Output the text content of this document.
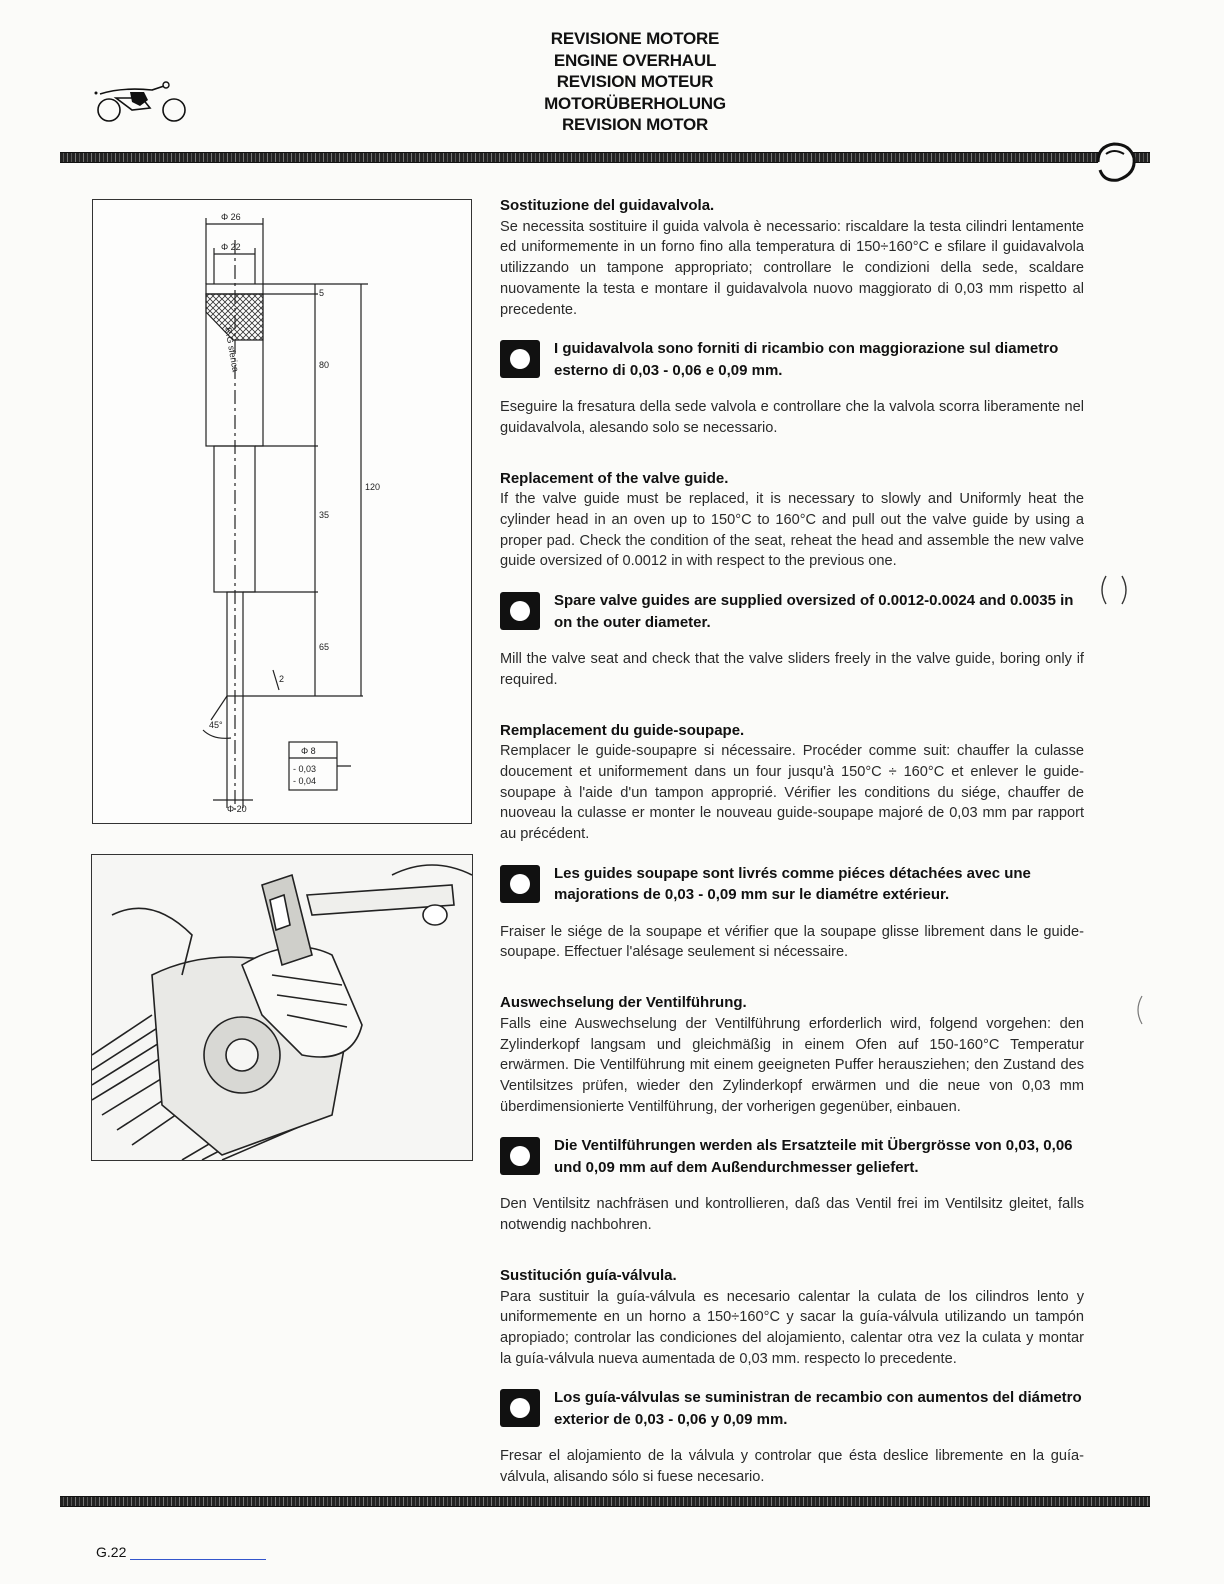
REVISIONE MOTORE
ENGINE OVERHAUL
REVISION MOTEUR
MOTORÜBERHOLUNG
REVISION MOTOR
Φ 26
Φ 22
5
80
120
35
65
2
45°
Φ 20
R.G sferica
Φ 8
- 0,03
- 0,04

Sostituzione del guidavalvola.

Se necessita sostituire il guida valvola è necessario: riscaldare la testa cilindri lentamente ed uniformemente in un forno fino alla temperatura di 150÷160°C e sfilare il guidavalvola utilizzando un tampone appropriato; controllare le condizioni della sede, scaldare nuovamente la testa e montare il guidavalvola nuovo maggiorato di 0,03 mm rispetto al precedente.

I guidavalvola sono forniti di ricambio con maggiorazione sul diametro esterno di 0,03 - 0,06 e 0,09 mm.

Eseguire la fresatura della sede valvola e controllare che la valvola scorra liberamente nel guidavalvola, alesando solo se necessario.

Replacement of the valve guide.

If the valve guide must be replaced, it is necessary to slowly and Uniformly heat the cylinder head in an oven up to 150°C to 160°C and pull out the valve guide by using a proper pad. Check the condition of the seat, reheat the head and assemble the new valve guide oversized of 0.0012 in with respect to the previous one.

Spare valve guides are supplied oversized of 0.0012-0.0024 and 0.0035 in on the outer diameter.

Mill the valve seat and check that the valve sliders freely in the valve guide, boring only if required.

Remplacement du guide-soupape.

Remplacer le guide-soupapre si nécessaire. Procéder comme suit: chauffer la culasse doucement et uniformement dans un four jusqu'à 150°C ÷ 160°C et enlever le guide-soupape à l'aide d'un tampon approprié. Vérifier les conditions du siége, chauffer de nuoveau la culasse er monter le nouveau guide-soupape majoré de 0,03 mm par rapport au précédent.

Les guides soupape sont livrés comme piéces détachées avec une majorations de 0,03 - 0,09 mm sur le diamétre extérieur.

Fraiser le siége de la soupape et vérifier que la soupape glisse librement dans le guide-soupape. Effectuer l'alésage seulement si nécessaire.

Auswechselung der Ventilführung.

Falls eine Auswechselung der Ventilführung erforderlich wird, folgend vorgehen: den Zylinderkopf langsam und gleichmäßig in einem Ofen auf 150-160°C Temperatur erwärmen. Die Ventilführung mit einem geeigneten Puffer herausziehen; den Zustand des Ventilsitzes prüfen, wieder den Zylinderkopf erwärmen und die neue von 0,03 mm überdimensionierte Ventilführung, der vorherigen gegenüber, einbauen.

Die Ventilführungen werden als Ersatzteile mit Übergrösse von 0,03, 0,06 und 0,09 mm auf dem Außendurchmesser geliefert.

Den Ventilsitz nachfräsen und kontrollieren, daß das Ventil frei im Ventilsitz gleitet, falls notwendig nachbohren.

Sustitución guía-válvula.

Para sustituir la guía-válvula es necesario calentar la culata de los cilindros lento y uniformemente en un horno a 150÷160°C y sacar la guía-válvula utilizando un tampón apropiado; controlar las condiciones del alojamiento, calentar otra vez la culata y montar la guía-válvula nueva aumentada de 0,03 mm. respecto lo precedente.

Los guía-válvulas se suministran de recambio con aumentos del diámetro exterior de 0,03 - 0,06 y 0,09 mm.

Fresar el alojamiento de la válvula y controlar que ésta deslice libremente en la guía-válvula, alisando sólo si fuese necesario.

G.22
